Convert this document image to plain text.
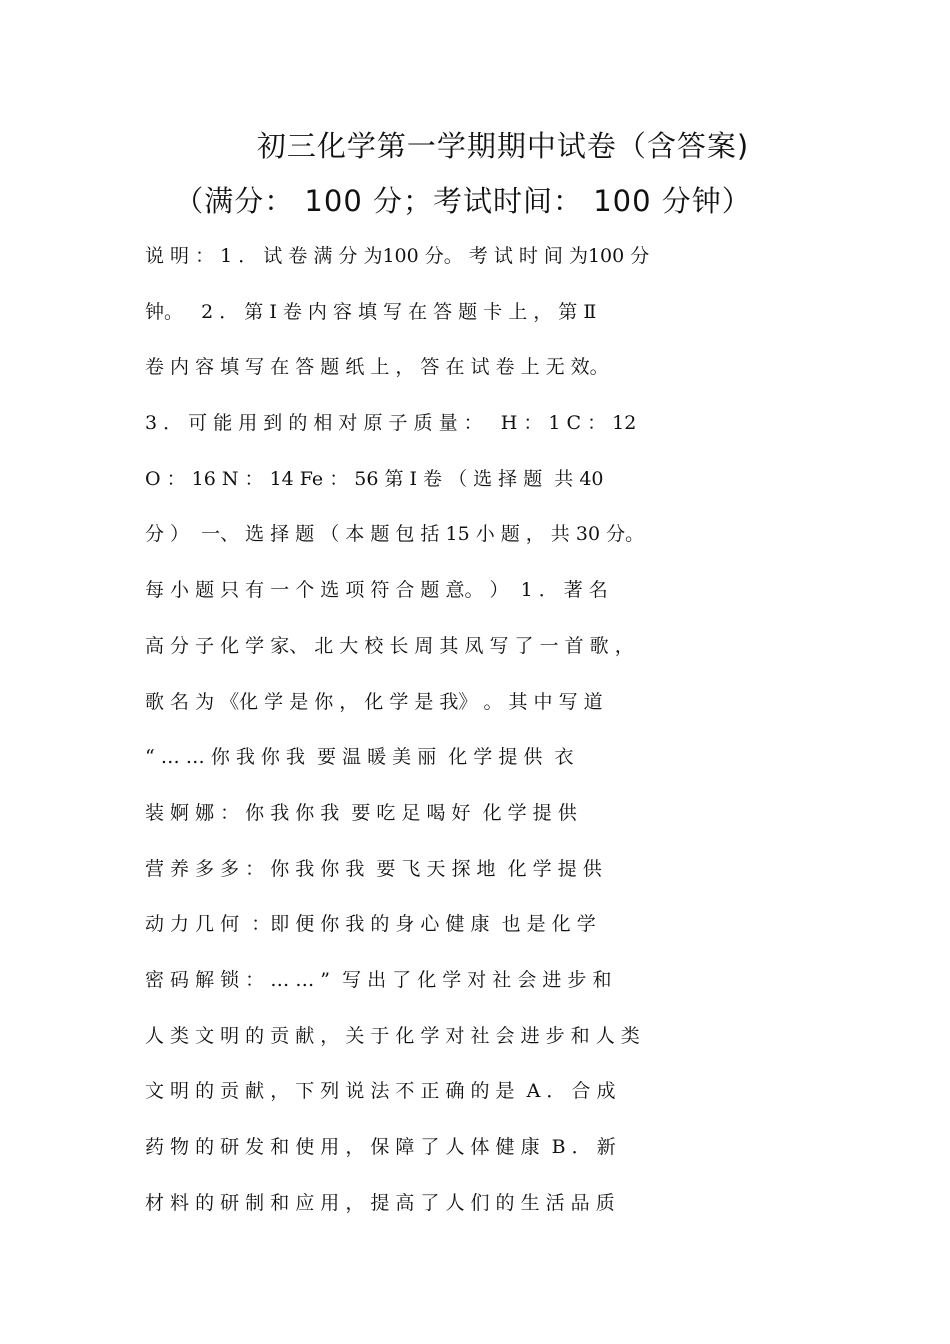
初三化学第一学期期中试卷（含答案)
（满分： 100 分；考试时间： 100 分钟）
说 明 ： 1 ． 试 卷 满 分 为100 分。 考 试 时 间 为100 分
钟。   2 ． 第 Ⅰ 卷 内 容 填 写 在 答 题 卡 上 ， 第 Ⅱ
卷 内 容 填 写 在 答 题 纸 上 ， 答 在 试 卷 上 无 效。
3 ． 可 能 用 到 的 相 对 原 子 质 量 ：   H ： 1 C ： 12
O ： 16 N ： 14 Fe ： 56 第 Ⅰ 卷 （ 选 择 题  共 40
分 ）  一、 选 择 题 （ 本 题 包 括 15 小 题 ， 共 30 分。
每 小 题 只 有 一 个 选 项 符 合 题 意。 ）  1 ． 著 名
高 分 子 化 学 家、 北 大 校 长 周 其 凤 写 了 一 首 歌 ，
歌 名 为 《化 学 是 你 ， 化 学 是 我》 。 其 中 写 道
“ … … 你 我 你 我  要 温 暖 美 丽  化 学 提 供  衣
装 婀 娜 ： 你 我 你 我  要 吃 足 喝 好  化 学 提 供
营 养 多 多 ： 你 我 你 我  要 飞 天 探 地  化 学 提 供
动 力 几 何  ：即 便 你 我 的 身 心 健 康  也 是 化 学
密 码 解 锁 ： … … ”  写 出 了 化 学 对 社 会 进 步 和
人 类 文 明 的 贡 献 ， 关 于 化 学 对 社 会 进 步 和 人 类
文 明 的 贡 献 ， 下 列 说 法 不 正 确 的 是  A ． 合 成
药 物 的 研 发 和 使 用 ， 保 障 了 人 体 健 康  B ． 新
材 料 的 研 制 和 应 用 ， 提 高 了 人 们 的 生 活 品 质
